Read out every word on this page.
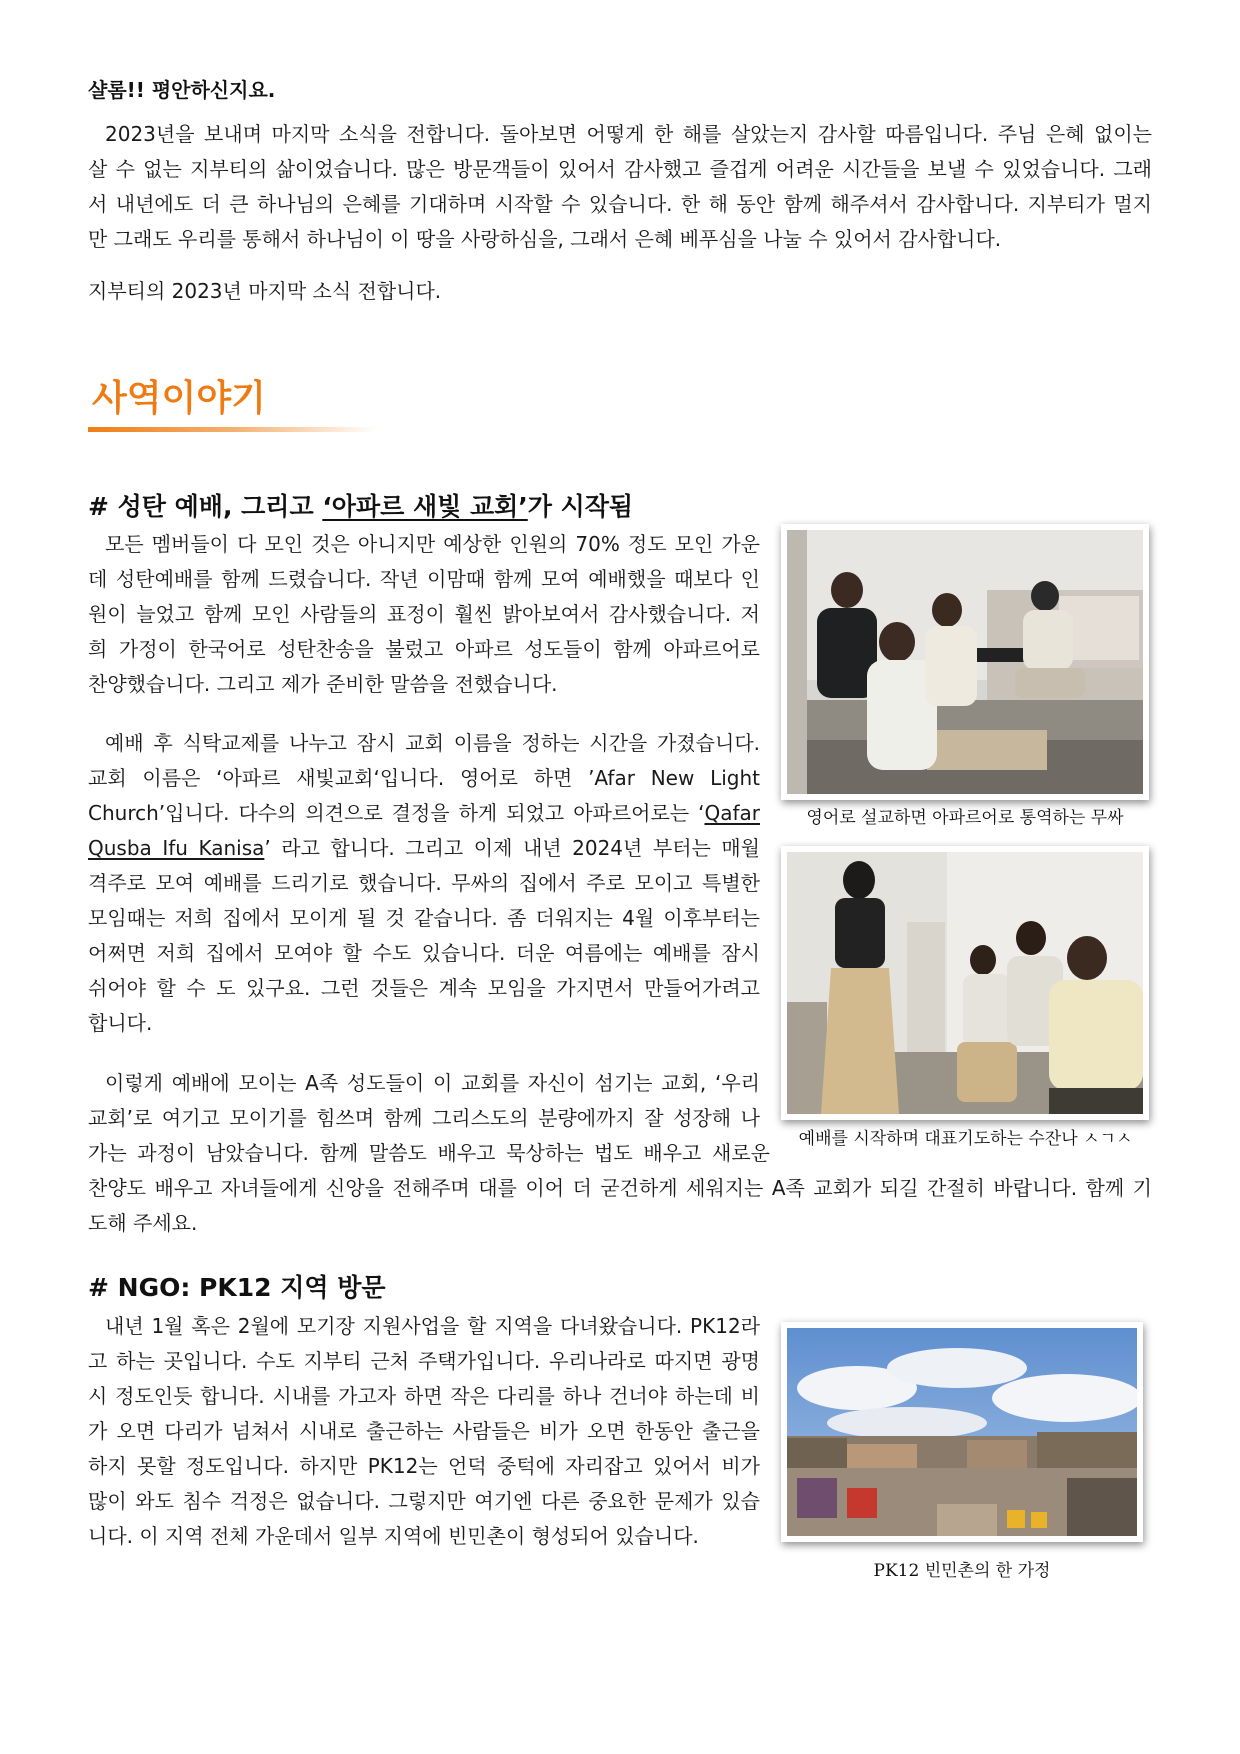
샬롬!! 평안하신지요.
2023년을 보내며 마지막 소식을 전합니다. 돌아보면 어떻게 한 해를 살았는지 감사할 따름입니다. 주님 은혜 없이는
살 수 없는 지부티의 삶이었습니다. 많은 방문객들이 있어서 감사했고 즐겁게 어려운 시간들을 보낼 수 있었습니다. 그래
서 내년에도 더 큰 하나님의 은혜를 기대하며 시작할 수 있습니다. 한 해 동안 함께 해주셔서 감사합니다. 지부티가 멀지
만 그래도 우리를 통해서 하나님이 이 땅을 사랑하심을, 그래서 은혜 베푸심을 나눌 수 있어서 감사합니다.
지부티의 2023년 마지막 소식 전합니다.
사역이야기
# 성탄 예배, 그리고 ‘아파르 새빛 교회’가 시작됨
모든 멤버들이 다 모인 것은 아니지만 예상한 인원의 70% 정도 모인 가운
데 성탄예배를 함께 드렸습니다. 작년 이맘때 함께 모여 예배했을 때보다 인
원이 늘었고 함께 모인 사람들의 표정이 훨씬 밝아보여서 감사했습니다. 저
희 가정이 한국어로 성탄찬송을 불렀고 아파르 성도들이 함께 아파르어로
찬양했습니다. 그리고 제가 준비한 말씀을 전했습니다.
예배 후 식탁교제를 나누고 잠시 교회 이름을 정하는 시간을 가졌습니다.
교회 이름은 ‘아파르 새빛교회‘입니다. 영어로 하면 ’Afar New Light
Church’입니다. 다수의 의견으로 결정을 하게 되었고 아파르어로는 ‘Qafar
Qusba Ifu Kanisa’ 라고 합니다. 그리고 이제 내년 2024년 부터는 매월
격주로 모여 예배를 드리기로 했습니다. 무싸의 집에서 주로 모이고 특별한
모임때는 저희 집에서 모이게 될 것 같습니다. 좀 더워지는 4월 이후부터는
어쩌면 저희 집에서 모여야 할 수도 있습니다. 더운 여름에는 예배를 잠시
쉬어야 할 수 도 있구요. 그런 것들은 계속 모임을 가지면서 만들어가려고
합니다.
이렇게 예배에 모이는 A족 성도들이 이 교회를 자신이 섬기는 교회, ‘우리
교회’로 여기고 모이기를 힘쓰며 함께 그리스도의 분량에까지 잘 성장해 나
가는 과정이 남았습니다. 함께 말씀도 배우고 묵상하는 법도 배우고 새로운
찬양도 배우고 자녀들에게 신앙을 전해주며 대를 이어 더 굳건하게 세워지는 A족 교회가 되길 간절히 바랍니다. 함께 기
도해 주세요.
영어로 설교하면 아파르어로 통역하는 무싸
예배를 시작하며 대표기도하는 수잔나 ㅅㄱㅅ
# NGO: PK12 지역 방문
내년 1월 혹은 2월에 모기장 지원사업을 할 지역을 다녀왔습니다. PK12라
고 하는 곳입니다. 수도 지부티 근처 주택가입니다. 우리나라로 따지면 광명
시 정도인듯 합니다. 시내를 가고자 하면 작은 다리를 하나 건너야 하는데 비
가 오면 다리가 넘쳐서 시내로 출근하는 사람들은 비가 오면 한동안 출근을
하지 못할 정도입니다. 하지만 PK12는 언덕 중턱에 자리잡고 있어서 비가
많이 와도 침수 걱정은 없습니다. 그렇지만 여기엔 다른 중요한 문제가 있습
니다. 이 지역 전체 가운데서 일부 지역에 빈민촌이 형성되어 있습니다.
PK12 빈민촌의 한 가정
